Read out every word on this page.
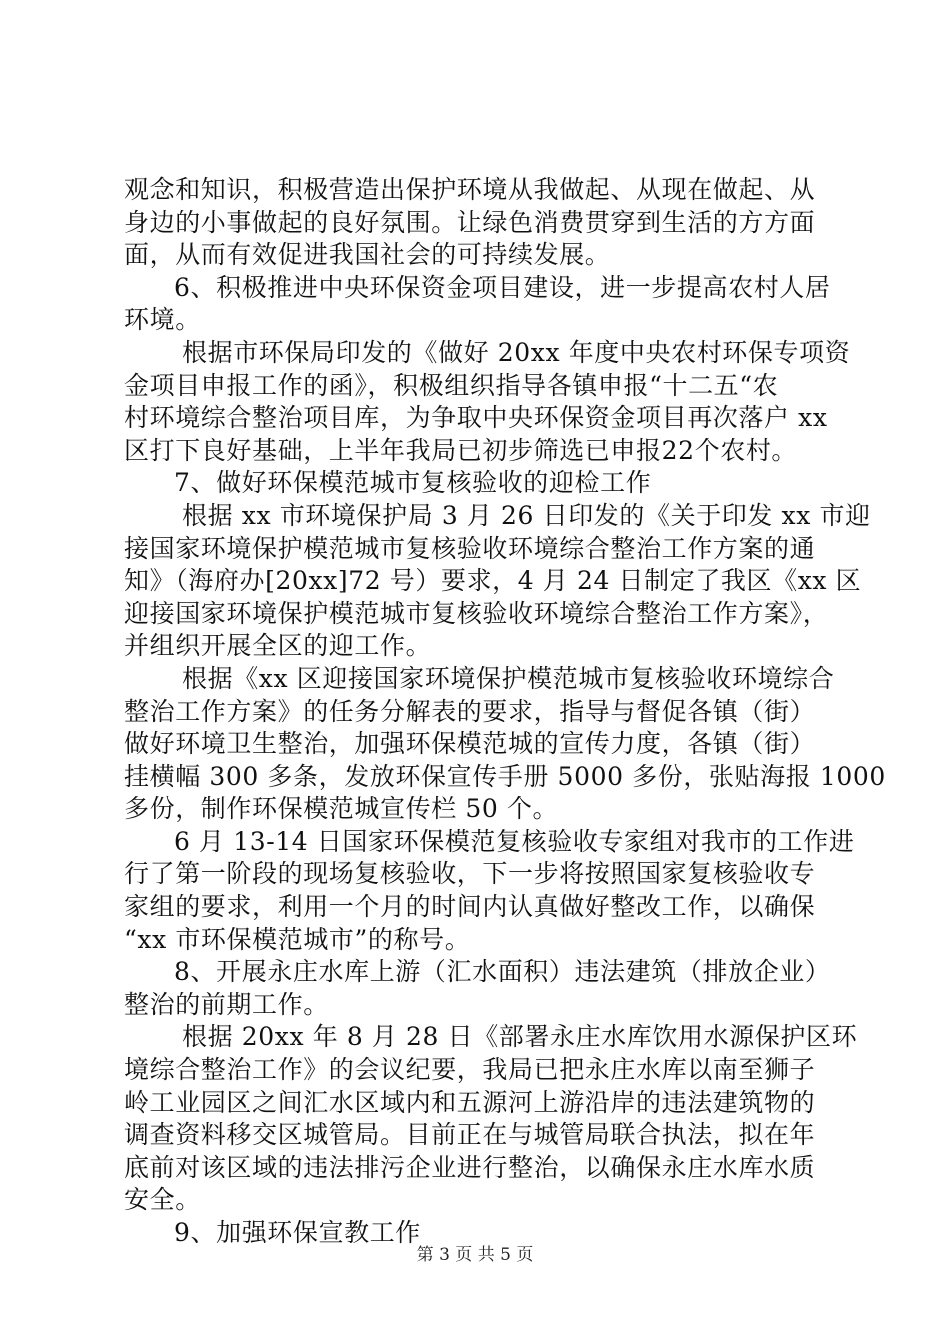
观念和知识，积极营造出保护环境从我做起、从现在做起、从
身边的小事做起的良好氛围。让绿色消费贯穿到生活的方方面
面，从而有效促进我国社会的可持续发展。
6、积极推进中央环保资金项目建设，进一步提高农村人居
环境。
根据市环保局印发的《做好 20xx 年度中央农村环保专项资
金项目申报工作的函》，积极组织指导各镇申报“十二五“农
村环境综合整治项目库，为争取中央环保资金项目再次落户 xx
区打下良好基础，上半年我局已初步筛选已申报22个农村。
7、做好环保模范城市复核验收的迎检工作
根据 xx 市环境保护局 3 月 26 日印发的《关于印发 xx 市迎
接国家环境保护模范城市复核验收环境综合整治工作方案的通
知》（海府办[20xx]72 号）要求，4 月 24 日制定了我区《xx 区
迎接国家环境保护模范城市复核验收环境综合整治工作方案》，
并组织开展全区的迎工作。
根据《xx 区迎接国家环境保护模范城市复核验收环境综合
整治工作方案》的任务分解表的要求，指导与督促各镇（街）
做好环境卫生整治，加强环保模范城的宣传力度，各镇（街）
挂横幅 300 多条，发放环保宣传手册 5000 多份，张贴海报 1000
多份，制作环保模范城宣传栏 50 个。
6 月 13-14 日国家环保模范复核验收专家组对我市的工作进
行了第一阶段的现场复核验收，下一步将按照国家复核验收专
家组的要求，利用一个月的时间内认真做好整改工作，以确保
“xx 市环保模范城市”的称号。
8、开展永庄水库上游（汇水面积）违法建筑（排放企业）
整治的前期工作。
根据 20xx 年 8 月 28 日《部署永庄水库饮用水源保护区环
境综合整治工作》的会议纪要，我局已把永庄水库以南至狮子
岭工业园区之间汇水区域内和五源河上游沿岸的违法建筑物的
调查资料移交区城管局。目前正在与城管局联合执法，拟在年
底前对该区域的违法排污企业进行整治，以确保永庄水库水质
安全。
9、加强环保宣教工作
第 3 页 共 5 页
